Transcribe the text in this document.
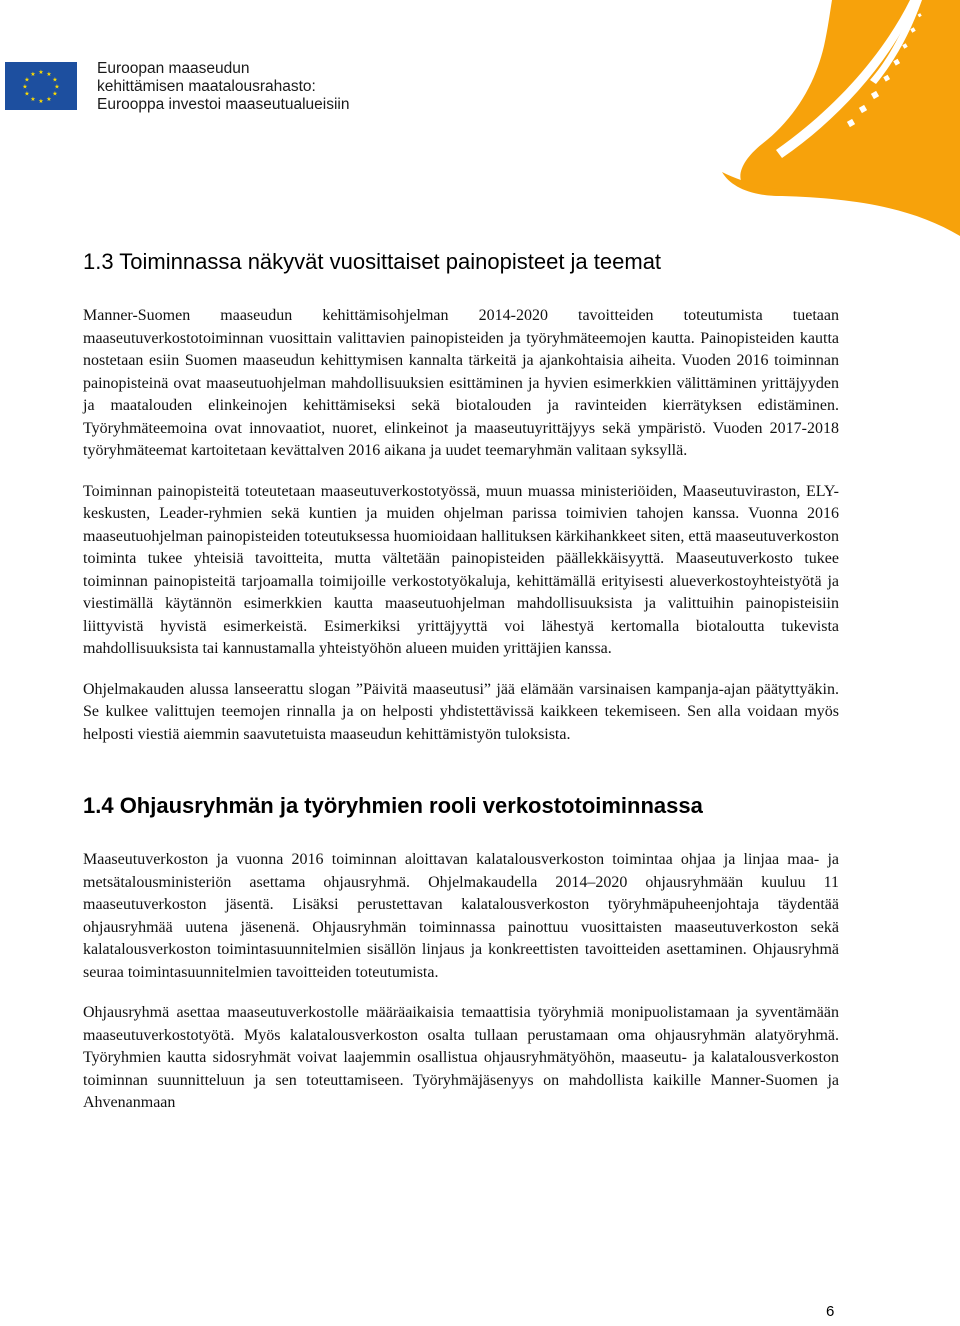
★ ★
★
★
★
★
★
★
★
★
★
★	Euroopan maaseudun
kehittämisen maatalousrahasto:
Eurooppa investoi maaseutualueisiin
1.3 Toiminnassa näkyvät vuosittaiset painopisteet ja teemat

Manner-Suomen maaseudun kehittämisohjelman 2014-2020 tavoitteiden toteutumista tuetaan maaseutuverkostotoiminnan vuosittain valittavien painopisteiden ja työryhmäteemojen kautta. Painopisteiden kautta nostetaan esiin Suomen maaseudun kehittymisen kannalta tärkeitä ja ajankohtaisia aiheita. Vuoden 2016 toiminnan painopisteinä ovat maaseutuohjelman mahdollisuuksien esittäminen ja hyvien esimerkkien välittäminen yrittäjyyden ja maatalouden elinkeinojen kehittämiseksi sekä biotalouden ja ravinteiden kierrätyksen edistäminen. Työryhmäteemoina ovat innovaatiot, nuoret, elinkeinot ja maaseutuyrittäjyys sekä ympäristö. Vuoden 2017-2018 työryhmäteemat kartoitetaan kevättalven 2016 aikana ja uudet teemaryhmän valitaan syksyllä.

Toiminnan painopisteitä toteutetaan maaseutuverkostotyössä, muun muassa ministeriöiden, Maaseutuviraston, ELY-keskusten, Leader-ryhmien sekä kuntien ja muiden ohjelman parissa toimivien tahojen kanssa. Vuonna 2016 maaseutuohjelman painopisteiden toteutuksessa huomioidaan hallituksen kärkihankkeet siten, että maaseutuverkoston toiminta tukee yhteisiä tavoitteita, mutta vältetään painopisteiden päällekkäisyyttä. Maaseutuverkosto tukee toiminnan painopisteitä tarjoamalla toimijoille verkostotyökaluja, kehittämällä erityisesti alueverkostoyhteistyötä ja viestimällä käytännön esimerkkien kautta maaseutuohjelman mahdollisuuksista ja valittuihin painopisteisiin liittyvistä hyvistä esimerkeistä. Esimerkiksi yrittäjyyttä voi lähestyä kertomalla biotaloutta tukevista mahdollisuuksista tai kannustamalla yhteistyöhön alueen muiden yrittäjien kanssa.

Ohjelmakauden alussa lanseerattu slogan ”Päivitä maaseutusi” jää elämään varsinaisen kampanja-ajan päätyttyäkin. Se kulkee valittujen teemojen rinnalla ja on helposti yhdistettävissä kaikkeen tekemiseen. Sen alla voidaan myös helposti viestiä aiemmin saavutetuista maaseudun kehittämistyön tuloksista.

1.4 Ohjausryhmän ja työryhmien rooli verkostotoiminnassa

Maaseutuverkoston ja vuonna 2016 toiminnan aloittavan kalatalousverkoston toimintaa ohjaa ja linjaa maa- ja metsätalousministeriön asettama ohjausryhmä. Ohjelmakaudella 2014–2020 ohjausryhmään kuuluu 11 maaseutuverkoston jäsentä. Lisäksi perustettavan kalatalousverkoston työryhmäpuheenjohtaja täydentää ohjausryhmää uutena jäsenenä. Ohjausryhmän toiminnassa painottuu vuosittaisten maaseutuverkoston sekä kalatalousverkoston toimintasuunnitelmien sisällön linjaus ja konkreettisten tavoitteiden asettaminen. Ohjausryhmä seuraa toimintasuunnitelmien tavoitteiden toteutumista.

Ohjausryhmä asettaa maaseutuverkostolle määräaikaisia temaattisia työryhmiä monipuolistamaan ja syventämään maaseutuverkostotyötä. Myös kalatalousverkoston osalta tullaan perustamaan oma ohjausryhmän alatyöryhmä. Työryhmien kautta sidosryhmät voivat laajemmin osallistua ohjausryhmätyöhön, maaseutu- ja kalatalousverkoston toiminnan suunnitteluun ja sen toteuttamiseen. Työryhmäjäsenyys on mahdollista kaikille Manner-Suomen ja Ahvenanmaan

6
